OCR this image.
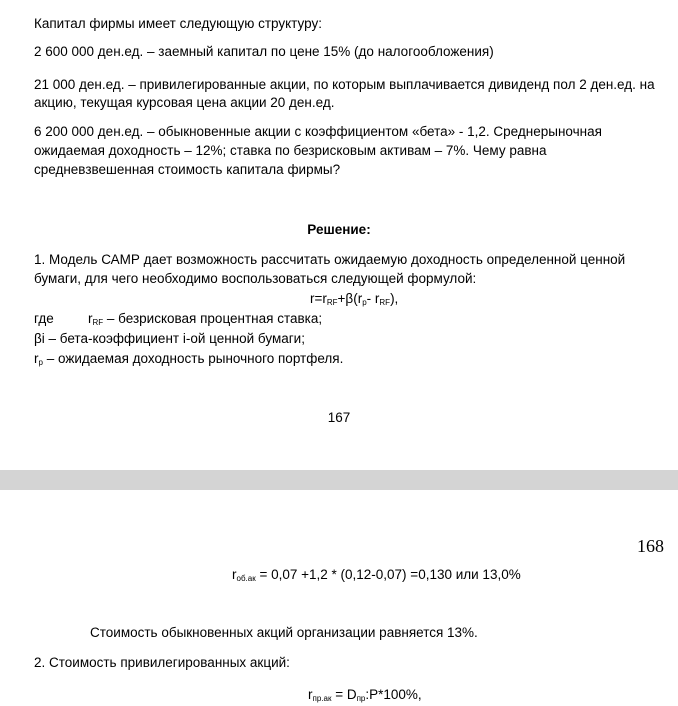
Капитал фирмы имеет следующую структуру:
2 600 000 ден.ед. – заемный капитал по цене 15% (до налогообложения)
21 000 ден.ед. – привилегированные акции, по которым выплачивается дивиденд пол 2 ден.ед. на
акцию, текущая курсовая цена акции 20 ден.ед.
6 200 000 ден.ед. – обыкновенные акции с коэффициентом «бета» - 1,2. Среднерыночная
ожидаемая доходность – 12%; ставка по безрисковым активам – 7%. Чему равна
средневзвешенная стоимость капитала фирмы?
Решение:
1. Модель САМР дает возможность рассчитать ожидаемую доходность определенной ценной
бумаги, для чего необходимо воспользоваться следующей формулой:
$r=r_{RF}+\beta(r_p-$ $r_{RF}$),
где	$r_{RF}$ – безрисковая процентная ставка;
βi – бета-коэффициент i-ой ценной бумаги;
$r_p$ – ожидаемая доходность рыночного портфеля.
167
168
$r_{об.ак} = 0,07 +1,2 * (0,12-0,07) =0,130$ или 13,0%
Стоимость обыкновенных акций организации равняется 13%.
2. Стоимость привилегированных акций:
$r_{пр.ак}$ = $D_{пр}:P*100\%$,
